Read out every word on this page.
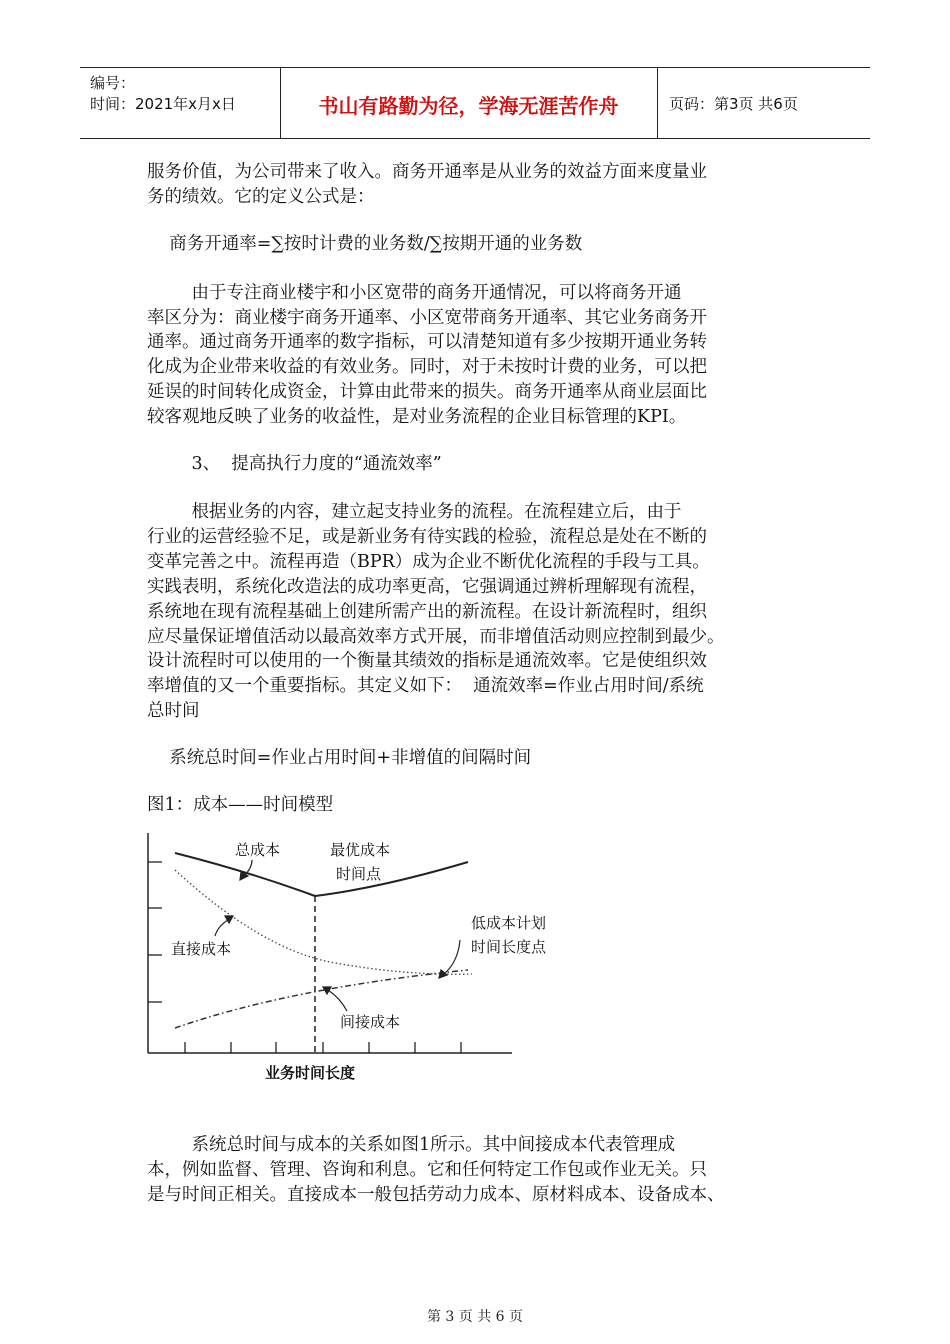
编号：
时间：2021年x月x日	书山有路勤为径，学海无涯苦作舟	页码：第3页 共6页
服务价值，为公司带来了收入。商务开通率是从业务的效益方面来度量业
务的绩效。它的定义公式是：
商务开通率=∑按时计费的业务数/∑按期开通的业务数
由于专注商业楼宇和小区宽带的商务开通情况，可以将商务开通
率区分为：商业楼宇商务开通率、小区宽带商务开通率、其它业务商务开
通率。通过商务开通率的数字指标，可以清楚知道有多少按期开通业务转
化成为企业带来收益的有效业务。同时，对于未按时计费的业务，可以把
延误的时间转化成资金，计算由此带来的损失。商务开通率从商业层面比
较客观地反映了业务的收益性，是对业务流程的企业目标管理的KPI。
3、  提高执行力度的“通流效率”
根据业务的内容，建立起支持业务的流程。在流程建立后，由于
行业的运营经验不足，或是新业务有待实践的检验，流程总是处在不断的
变革完善之中。流程再造（BPR）成为企业不断优化流程的手段与工具。
实践表明，系统化改造法的成功率更高，它强调通过辨析理解现有流程，
系统地在现有流程基础上创建所需产出的新流程。在设计新流程时，组织
应尽量保证增值活动以最高效率方式开展，而非增值活动则应控制到最少。
设计流程时可以使用的一个衡量其绩效的指标是通流效率。它是使组织效
率增值的又一个重要指标。其定义如下：  通流效率=作业占用时间/系统
总时间
系统总时间=作业占用时间+非增值的间隔时间
图1：成本——时间模型
总成本	最优成本
时间点
直接成本
低成本计划
时间长度点
间接成本
业务时间长度
系统总时间与成本的关系如图1所示。其中间接成本代表管理成
本，例如监督、管理、咨询和利息。它和任何特定工作包或作业无关。只
是与时间正相关。直接成本一般包括劳动力成本、原材料成本、设备成本、
第 3 页 共 6 页
